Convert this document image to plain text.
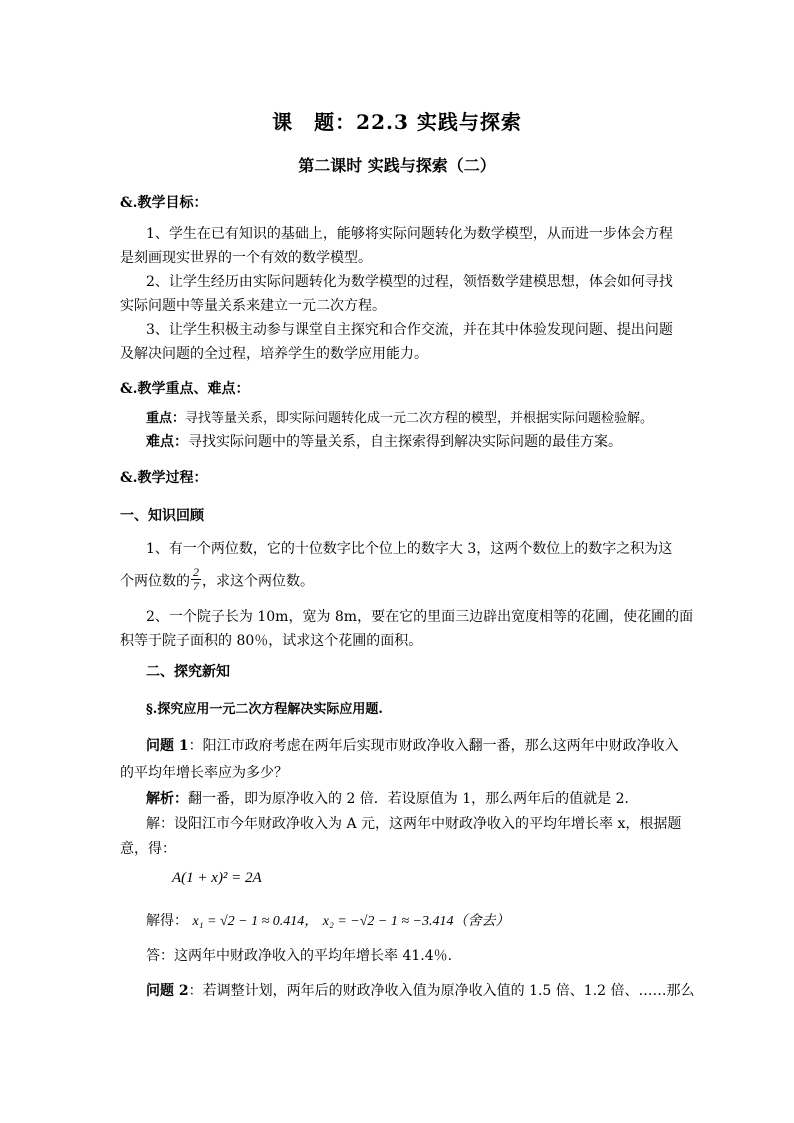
课　题：22.3 实践与探索
第二课时 实践与探索（二）
&.教学目标：
1、学生在已有知识的基础上，能够将实际问题转化为数学模型，从而进一步体会方程
是刻画现实世界的一个有效的数学模型。
2、让学生经历由实际问题转化为数学模型的过程，领悟数学建模思想，体会如何寻找
实际问题中等量关系来建立一元二次方程。
3、让学生积极主动参与课堂自主探究和合作交流，并在其中体验发现问题、提出问题
及解决问题的全过程，培养学生的数学应用能力。
&.教学重点、难点：
重点：寻找等量关系，即实际问题转化成一元二次方程的模型，并根据实际问题检验解。
难点：寻找实际问题中的等量关系，自主探索得到解决实际问题的最佳方案。
&.教学过程：
一、知识回顾
1、有一个两位数，它的十位数字比个位上的数字大 3，这两个数位上的数字之积为这
个两位数的 $\frac{2}{7}$ ，求这个两位数。
2、一个院子长为 10m，宽为 8m，要在它的里面三边辟出宽度相等的花圃，使花圃的面
积等于院子面积的 80％，试求这个花圃的面积。
二、探究新知
§.探究应用一元二次方程解决实际应用题.
问题 1：阳江市政府考虑在两年后实现市财政净收入翻一番，那么这两年中财政净收入
的平均年增长率应为多少？
解析：翻一番，即为原净收入的 2 倍．若设原值为 1，那么两年后的值就是 2．
解：设阳江市今年财政净收入为 A 元，这两年中财政净收入的平均年增长率 x，根据题
意，得：
A(1 + x)² = 2A
解得： x₁ = √2 − 1 ≈ 0.414， x₂ = −√2 − 1 ≈ −3.414（舍去）
答：这两年中财政净收入的平均年增长率 41.4％.
问题 2：若调整计划，两年后的财政净收入值为原净收入值的 1.5 倍、1.2 倍、……那么
